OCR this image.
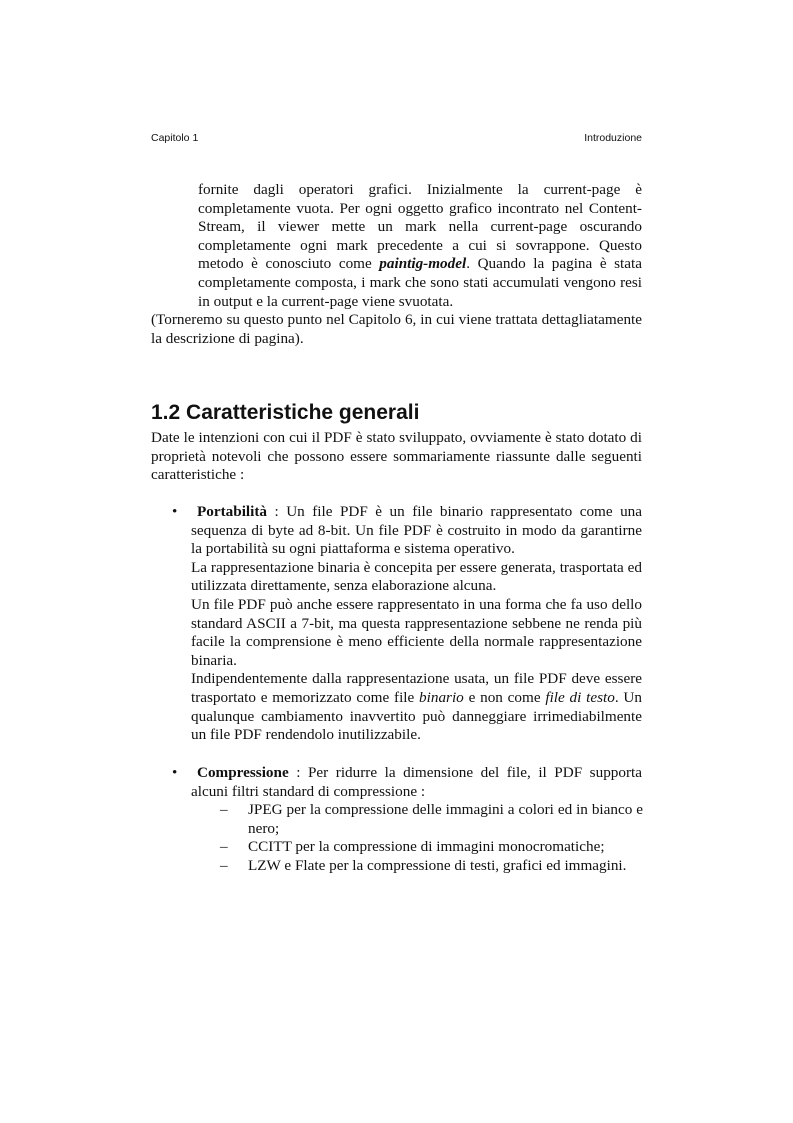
Capitolo 1	Introduzione

fornite dagli operatori grafici. Inizialmente la current-page è completamente vuota. Per ogni oggetto grafico incontrato nel Content-Stream, il viewer mette un mark nella current-page oscurando completamente ogni mark precedente a cui si sovrappone. Questo metodo è conosciuto come paintig-model. Quando la pagina è stata completamente composta, i mark che sono stati accumulati vengono resi in output e la current-page viene svuotata.

(Torneremo su questo punto nel Capitolo 6, in cui viene trattata dettagliatamente la descrizione di pagina).

1.2 Caratteristiche generali

Date le intenzioni con cui il PDF è stato sviluppato, ovviamente è stato dotato di proprietà notevoli che possono essere sommariamente riassunte dalle seguenti caratteristiche :

•	Portabilità : Un file PDF è un file binario rappresentato come una sequenza di byte ad 8-bit. Un file PDF è costruito in modo da garantirne la portabilità su ogni piattaforma e sistema operativo.

La rappresentazione binaria è concepita per essere generata, trasportata ed utilizzata direttamente, senza elaborazione alcuna.

Un file PDF può anche essere rappresentato in una forma che fa uso dello standard ASCII a 7-bit, ma questa rappresentazione sebbene ne renda più facile la comprensione è meno efficiente della normale rappresentazione binaria.

Indipendentemente dalla rappresentazione usata, un file PDF deve essere trasportato e memorizzato come file binario e non come file di testo. Un qualunque cambiamento inavvertito può danneggiare irrimediabilmente un file PDF rendendolo inutilizzabile.

•	Compressione : Per ridurre la dimensione del file, il PDF supporta alcuni filtri standard di compressione :

– JPEG per la compressione delle immagini a colori ed in bianco e nero;
– CCITT per la compressione di immagini monocromatiche;
– LZW e Flate per la compressione di testi, grafici ed immagini.
